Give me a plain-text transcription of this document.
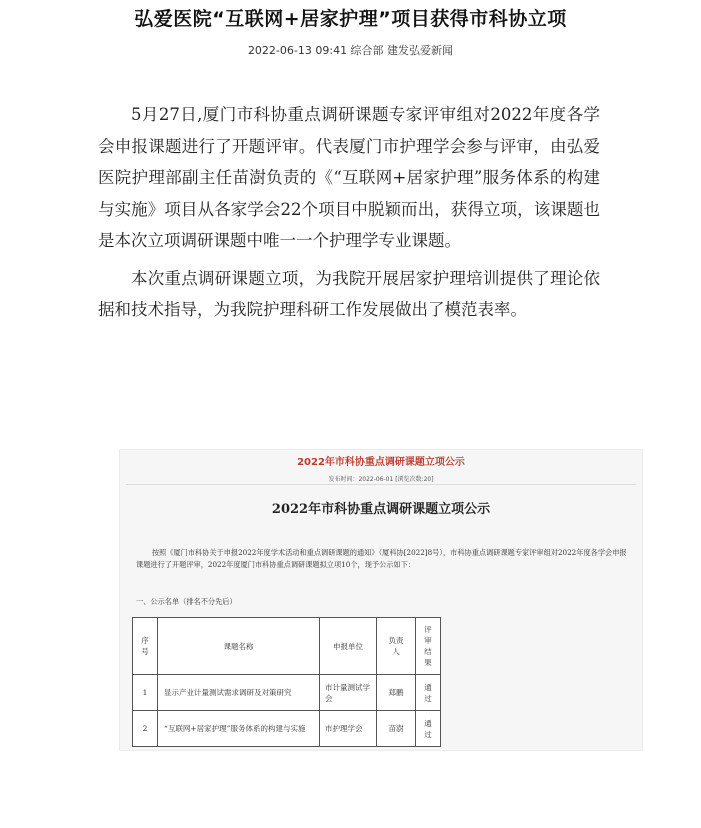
弘爱医院“互联网+居家护理”项目获得市科协立项
2022-06-13 09:41 综合部 建发弘爱新闻

5月27日,厦门市科协重点调研课题专家评审组对2022年度各学会申报课题进行了开题评审。代表厦门市护理学会参与评审，由弘爱医院护理部副主任苗澍负责的《“互联网+居家护理”服务体系的构建与实施》项目从各家学会22个项目中脱颖而出，获得立项，该课题也是本次立项调研课题中唯一一个护理学专业课题。

本次重点调研课题立项，为我院开展居家护理培训提供了理论依据和技术指导，为我院护理科研工作发展做出了模范表率。

2022年市科协重点调研课题立项公示
发布时间：2022-06-01 [浏览次数:20]
2022年市科协重点调研课题立项公示
按照《厦门市科协关于申报2022年度学术活动和重点调研课题的通知》（厦科协[2022]8号），市科协重点调研课题专家评审组对2022年度各学会申报课题进行了开题评审，2022年度厦门市科协重点调研课题拟立项10个，现予公示如下：
一、公示名单（排名不分先后）
序号	课题名称	申报单位	负责人	评审结果

1	显示产业计量测试需求调研及对策研究	市计量测试学会	郑鹏	通过

2	“互联网+居家护理”服务体系的构建与实施	市护理学会	苗澍	通过
